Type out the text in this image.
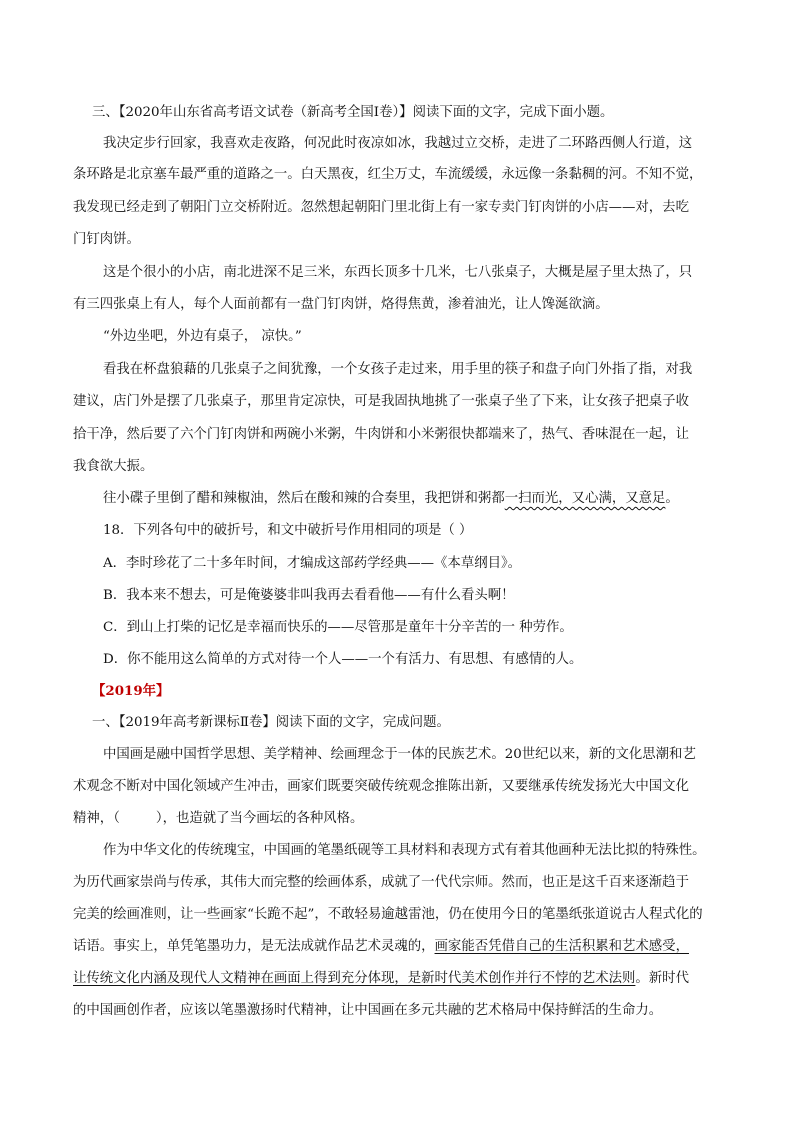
三、【2020年山东省高考语文试卷（新高考全国Ⅰ卷）】阅读下面的文字，完成下面小题。
我决定步行回家，我喜欢走夜路，何况此时夜凉如冰，我越过立交桥，走进了二环路西侧人行道，这
条环路是北京塞车最严重的道路之一。白天黑夜，红尘万丈，车流缓缓，永远像一条黏稠的河。不知不觉，
我发现已经走到了朝阳门立交桥附近。忽然想起朝阳门里北街上有一家专卖门钉肉饼的小店——对，去吃
门钉肉饼。
这是个很小的小店，南北进深不足三米，东西长顶多十几米，七八张桌子，大概是屋子里太热了，只
有三四张桌上有人，每个人面前都有一盘门钉肉饼，烙得焦黄，渗着油光，让人馋涎欲滴。
“外边坐吧，外边有桌子， 凉快。”
看我在杯盘狼藉的几张桌子之间犹豫，一个女孩子走过来，用手里的筷子和盘子向门外指了指，对我
建议，店门外是摆了几张桌子，那里肯定凉快，可是我固执地挑了一张桌子坐了下来，让女孩子把桌子收
拾干净，然后要了六个门钉肉饼和两碗小米粥，牛肉饼和小米粥很快都端来了，热气、香味混在一起，让
我食欲大振。
往小碟子里倒了醋和辣椒油，然后在酸和辣的合奏里，我把饼和粥都一扫而光，又心满，又意足。
18．下列各句中的破折号，和文中破折号作用相同的项是（ ）
A．李时珍花了二十多年时间，才编成这部药学经典——《本草纲目》。
B．我本来不想去，可是俺婆婆非叫我再去看看他——有什么看头啊！
C．到山上打柴的记忆是幸福而快乐的——尽管那是童年十分辛苦的一 种劳作。
D．你不能用这么简单的方式对待一个人——一个有活力、有思想、有感情的人。
【2019年】
一、【2019年高考新课标Ⅱ卷】阅读下面的文字，完成问题。
中国画是融中国哲学思想、美学精神、绘画理念于一体的民族艺术。20世纪以来，新的文化思潮和艺
术观念不断对中国化领域产生冲击，画家们既要突破传统观念推陈出新，又要继承传统发扬光大中国文化
精神，（	），也造就了当今画坛的各种风格。
作为中华文化的传统瑰宝，中国画的笔墨纸砚等工具材料和表现方式有着其他画种无法比拟的特殊性。
为历代画家崇尚与传承，其伟大而完整的绘画体系，成就了一代代宗师。然而，也正是这千百来逐渐趋于
完美的绘画准则，让一些画家“长跪不起”，不敢轻易逾越雷池，仍在使用今日的笔墨纸张道说古人程式化的
话语。事实上，单凭笔墨功力，是无法成就作品艺术灵魂的，画家能否凭借自己的生活积累和艺术感受，
让传统文化内涵及现代人文精神在画面上得到充分体现，是新时代美术创作并行不悖的艺术法则。新时代
的中国画创作者，应该以笔墨激扬时代精神，让中国画在多元共融的艺术格局中保持鲜活的生命力。
